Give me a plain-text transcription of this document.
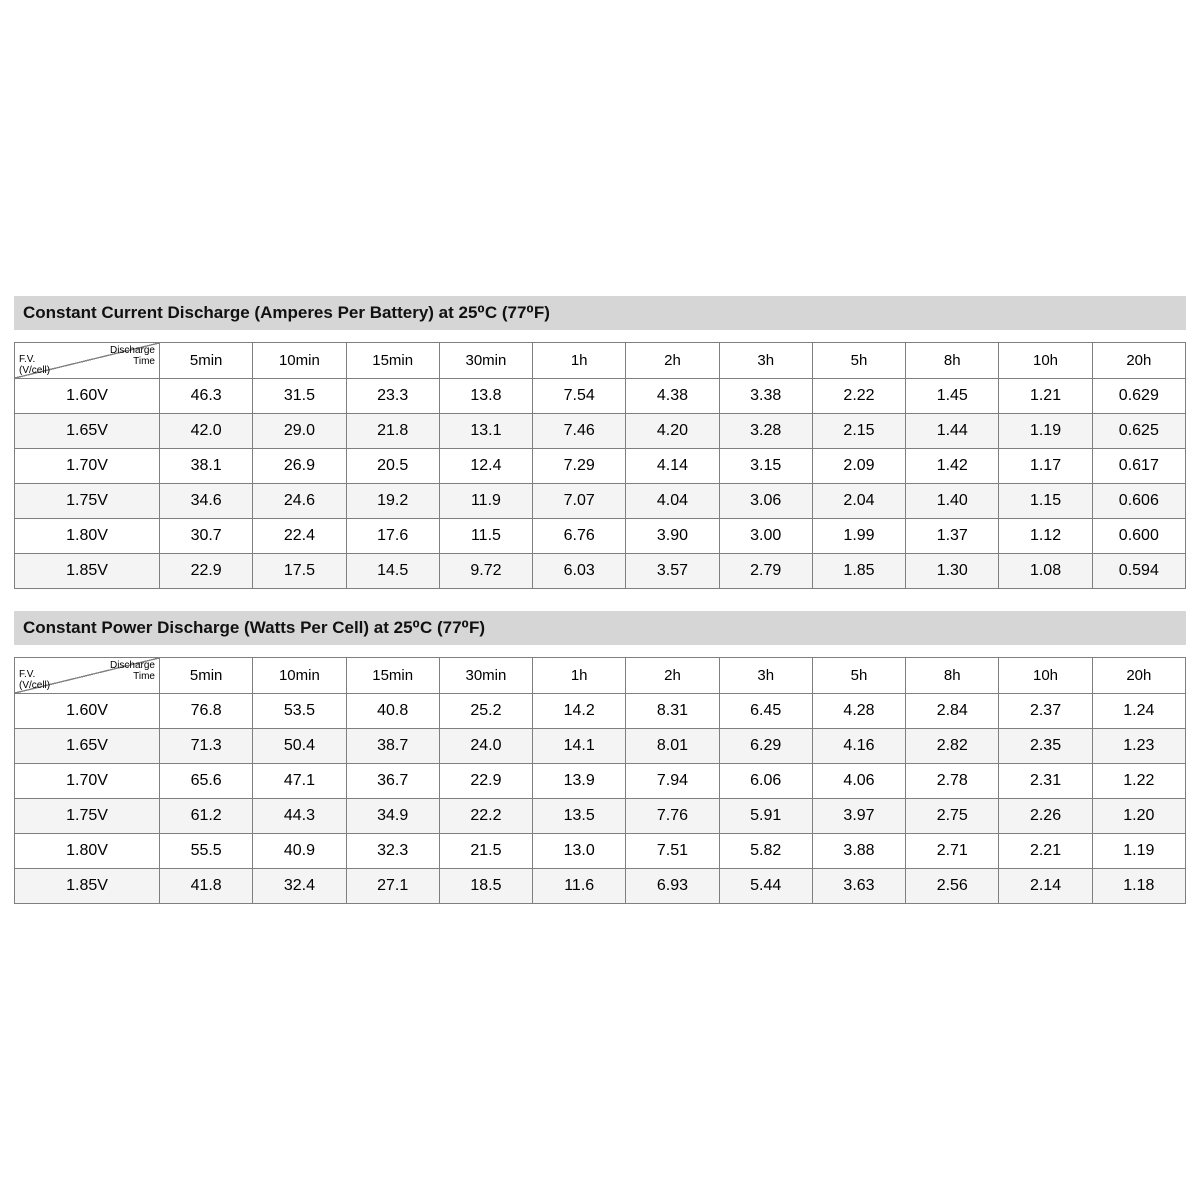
Constant Current Discharge (Amperes Per Battery) at 25⁰C (77⁰F)
Discharge
Time
F.V.
(V/cell)	5min	10min	15min	30min	1h	2h	3h	5h	8h	10h	20h
1.60V	46.3	31.5	23.3	13.8	7.54	4.38	3.38	2.22	1.45	1.21	0.629
1.65V	42.0	29.0	21.8	13.1	7.46	4.20	3.28	2.15	1.44	1.19	0.625
1.70V	38.1	26.9	20.5	12.4	7.29	4.14	3.15	2.09	1.42	1.17	0.617
1.75V	34.6	24.6	19.2	11.9	7.07	4.04	3.06	2.04	1.40	1.15	0.606
1.80V	30.7	22.4	17.6	11.5	6.76	3.90	3.00	1.99	1.37	1.12	0.600
1.85V	22.9	17.5	14.5	9.72	6.03	3.57	2.79	1.85	1.30	1.08	0.594
Constant Power Discharge (Watts Per Cell) at 25⁰C (77⁰F)
Discharge
Time
F.V.
(V/cell)	5min	10min	15min	30min	1h	2h	3h	5h	8h	10h	20h
1.60V	76.8	53.5	40.8	25.2	14.2	8.31	6.45	4.28	2.84	2.37	1.24
1.65V	71.3	50.4	38.7	24.0	14.1	8.01	6.29	4.16	2.82	2.35	1.23
1.70V	65.6	47.1	36.7	22.9	13.9	7.94	6.06	4.06	2.78	2.31	1.22
1.75V	61.2	44.3	34.9	22.2	13.5	7.76	5.91	3.97	2.75	2.26	1.20
1.80V	55.5	40.9	32.3	21.5	13.0	7.51	5.82	3.88	2.71	2.21	1.19
1.85V	41.8	32.4	27.1	18.5	11.6	6.93	5.44	3.63	2.56	2.14	1.18
